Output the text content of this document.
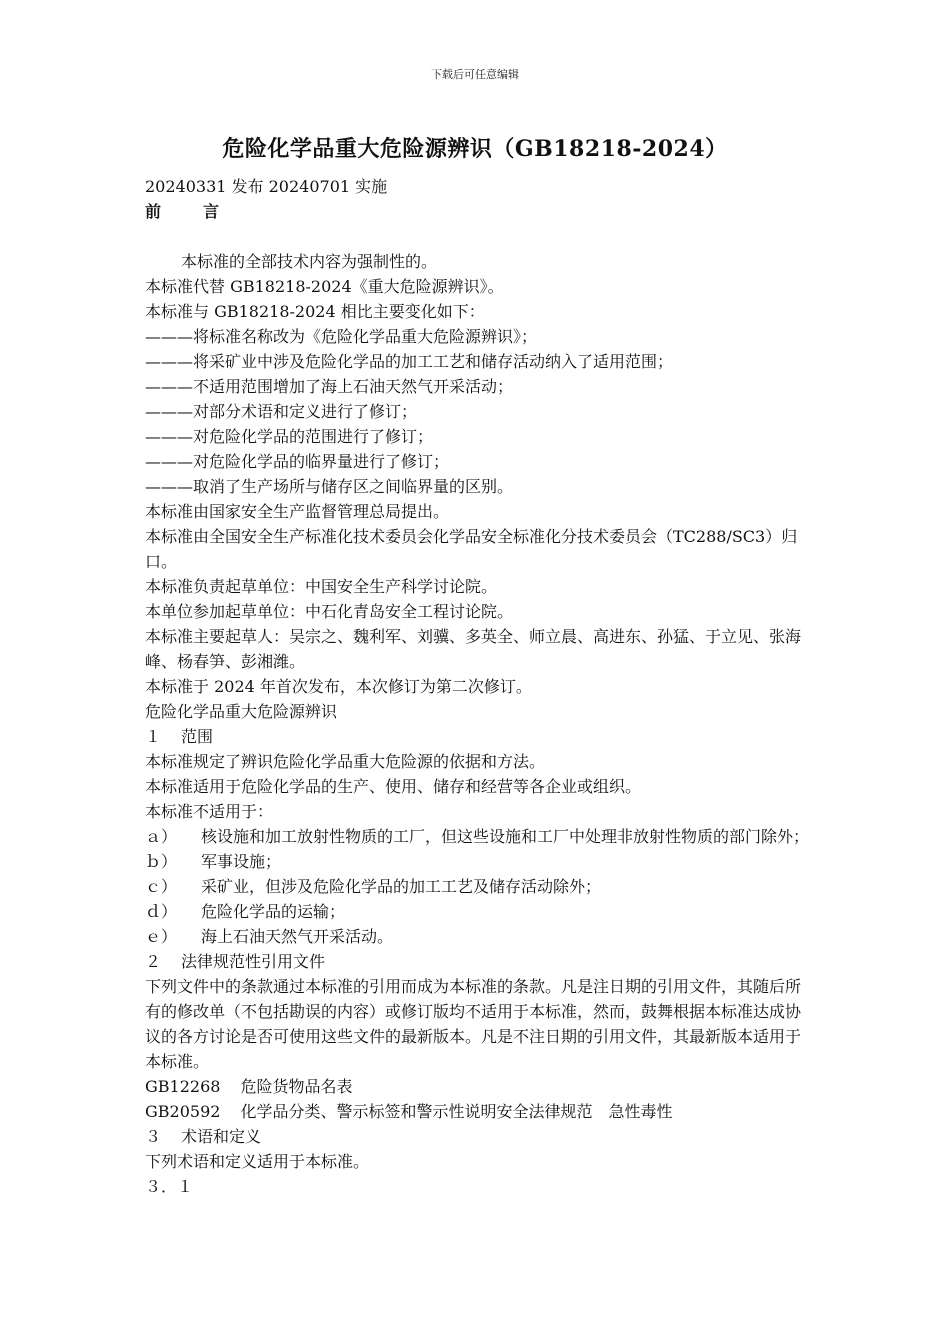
下载后可任意编辑
危险化学品重大危险源辨识（GB18218-2024）
20240331 发布 20240701 实施
前	言
本标准的全部技术内容为强制性的。
本标准代替 GB18218-2024《重大危险源辨识》。
本标准与 GB18218-2024 相比主要变化如下：
———将标准名称改为《危险化学品重大危险源辨识》；
———将采矿业中涉及危险化学品的加工工艺和储存活动纳入了适用范围；
———不适用范围增加了海上石油天然气开采活动；
———对部分术语和定义进行了修订；
———对危险化学品的范围进行了修订；
———对危险化学品的临界量进行了修订；
———取消了生产场所与储存区之间临界量的区别。
本标准由国家安全生产监督管理总局提出。
本标准由全国安全生产标准化技术委员会化学品安全标准化分技术委员会（TC288/SC3）归口。
本标准负责起草单位：中国安全生产科学讨论院。
本单位参加起草单位：中石化青岛安全工程讨论院。
本标准主要起草人：吴宗之、魏利军、刘骥、多英全、师立晨、高进东、孙猛、于立见、张海峰、杨春笋、彭湘潍。
本标准于 2024 年首次发布，本次修订为第二次修订。
危险化学品重大危险源辨识
１ 范围
本标准规定了辨识危险化学品重大危险源的依据和方法。
本标准适用于危险化学品的生产、使用、储存和经营等各企业或组织。
本标准不适用于：
ａ） 核设施和加工放射性物质的工厂，但这些设施和工厂中处理非放射性物质的部门除外；
ｂ） 军事设施；
ｃ） 采矿业，但涉及危险化学品的加工工艺及储存活动除外；
ｄ） 危险化学品的运输；
ｅ） 海上石油天然气开采活动。
２ 法律规范性引用文件
下列文件中的条款通过本标准的引用而成为本标准的条款。凡是注日期的引用文件，其随后所有的修改单（不包括勘误的内容）或修订版均不适用于本标准，然而，鼓舞根据本标准达成协议的各方讨论是否可使用这些文件的最新版本。凡是不注日期的引用文件，其最新版本适用于本标准。
GB12268 危险货物品名表
GB20592 化学品分类、警示标签和警示性说明安全法律规范　急性毒性
３ 术语和定义
下列术语和定义适用于本标准。
３．１
